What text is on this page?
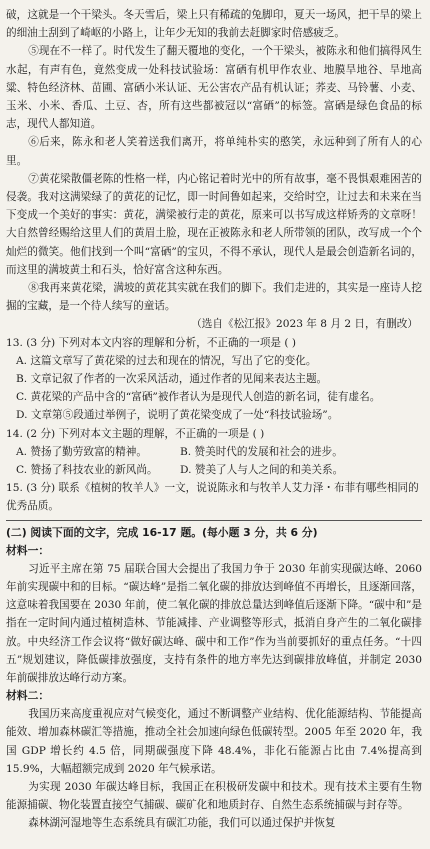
破，这就是一个干梁头。冬天雪后，梁上只有稀疏的兔脚印，夏天一场风，把干旱的梁上的细油土刮到了崎岖的小路上，让年少无知的我前去赶脚家时倍感疲乏。

⑤现在不一样了。时代发生了翻天覆地的变化，一个干梁头，被陈永和他们搞得风生水起，有声有色，竟然变成一处科技试验场：富硒有机甲作农业、地膜旱地谷、旱地高粱、特色经济林、苗圃、富硒小米认证、无公害农产品有机认证；荞麦、马铃薯、小麦、玉米、小米、香瓜、土豆、杏，所有这些都被冠以“富硒”的标签。富硒是绿色食品的标志，现代人都知道。

⑥后来，陈永和老人笑着送我们离开，将单纯朴实的憨笑，永远种到了所有人的心里。

⑦黄花梁散僵老陈的性格一样，内心铭记着时光中的所有故事，毫不畏惧艰难困苦的侵袭。我对这满梁绿了的黄花的记忆，即一时间鲁如起来，交给时空，让过去和未来在当下变成一个美好的事实：黄花，满梁被行走的黄花，原来可以书写成这样矫秀的文章呀！大自然曾经赐给这里人们的黄眉土脸，现在正被陈永和老人所带领的团队，改写成一个个灿烂的微笑。他们找到一个叫“富硒”的宝贝，不得不承认，现代人是最会创造新名词的，而这里的满坡黄土和石头，恰好富含这种东西。

⑧我再来黄花梁，满坡的黄花其实就在我们的脚下。我们走进的，其实是一座诗人挖掘的宝藏，是一个待人续写的童话。

（选自《松江报》2023 年 8 月 2 日，有删改）

13. (3 分) 下列对本文内容的理解和分析，不正确的一项是 ( )

A. 这篇文章写了黄花梁的过去和现在的情况，写出了它的变化。

B. 文章记叙了作者的一次采风活动，通过作者的见闻来表达主题。

C. 黄花梁的产品中含的“富硒”被作者认为是现代人创造的新名词，徒有虚名。

D. 文章第⑤段通过举例子，说明了黄花梁变成了一处“科技试验场”。

14. (2 分) 下列对本文主题的理解，不正确的一项是 ( )

A. 赞扬了勤劳致富的精神。	B. 赞美时代的发展和社会的进步。
C. 赞扬了科技农业的新风尚。	D. 赞美了人与人之间的和美关系。

15. (3 分) 联系《植树的牧羊人》一文，说说陈永和与牧羊人艾力泽・布菲有哪些相同的优秀品质。

(二) 阅读下面的文字，完成 16-17 题。(每小题 3 分，共 6 分)

材料一：

习近平主席在第 75 届联合国大会提出了我国力争于 2030 年前实现碳达峰、2060 年前实现碳中和的目标。“碳达峰”是指二氧化碳的排放达到峰值不再增长，且逐渐回落，这意味着我国要在 2030 年前，使二氧化碳的排放总量达到峰值后逐渐下降。“碳中和”是指在一定时间内通过植树造林、节能减排、产业调整等形式，抵消自身产生的二氧化碳排放。中央经济工作会议将“做好碳达峰、碳中和工作”作为当前要抓好的重点任务。“十四五”规划建议，降低碳排放强度，支持有条件的地方率先达到碳排放峰值，并制定 2030 年前碳排放达峰行动方案。

材料二：

我国历来高度重视应对气候变化，通过不断调整产业结构、优化能源结构、节能提高能效、增加森林碳汇等措施，推动全社会加速向绿色低碳转型。2005 年至 2020 年，我国 GDP 增长约 4.5 倍，同期碳强度下降 48.4%，非化石能源占比由 7.4%提高到 15.9%，大幅超额完成到 2020 年气候承诺。

为实现 2030 年碳达峰目标，我国正在积极研发碳中和技术。现有技术主要有生物能源捕碳、物化装置直接空气捕碳、碳矿化和地质封存、自然生态系统捕碳与封存等。

森林湖河湿地等生态系统具有碳汇功能，我们可以通过保护并恢复
